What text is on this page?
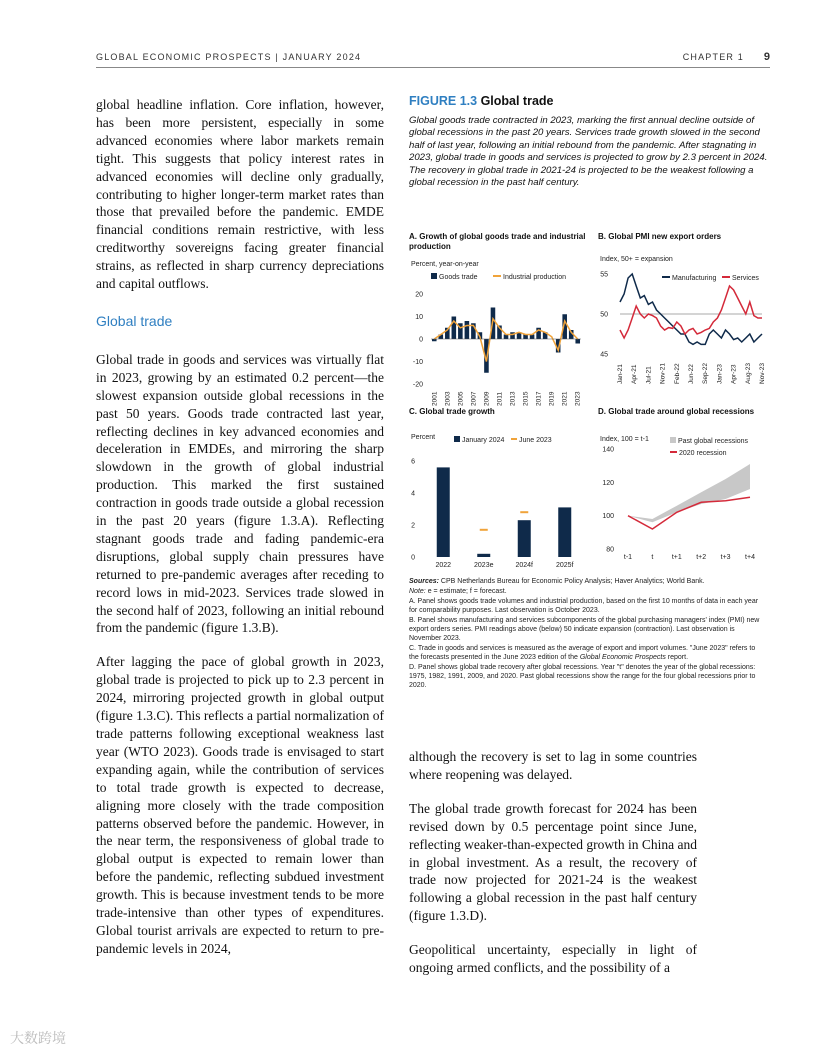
GLOBAL ECONOMIC PROSPECTS | JANUARY 2024	CHAPTER 1 9

global headline inflation. Core inflation, however, has been more persistent, especially in some advanced economies where labor markets remain tight. This suggests that policy interest rates in advanced economies will decline only gradually, contributing to higher longer-term market rates than those that prevailed before the pandemic. EMDE financial conditions remain restrictive, with less creditworthy sovereigns facing greater financial strains, as reflected in sharp currency depreciations and capital outflows.

Global trade

Global trade in goods and services was virtually flat in 2023, growing by an estimated 0.2 percent—the slowest expansion outside global recessions in the past 50 years. Goods trade contracted last year, reflecting declines in key advanced economies and deceleration in EMDEs, and mirroring the sharp slowdown in the growth of global industrial production. This marked the first sustained contraction in goods trade outside a global recession in the past 20 years (figure 1.3.A). Reflecting stagnant goods trade and fading pandemic-era disruptions, global supply chain pressures have returned to pre-pandemic averages after receding to record lows in mid-2023. Services trade slowed in the second half of 2023, following an initial rebound from the pandemic (figure 1.3.B).

After lagging the pace of global growth in 2023, global trade is projected to pick up to 2.3 percent in 2024, mirroring projected growth in global output (figure 1.3.C). This reflects a partial normalization of trade patterns following exceptional weakness last year (WTO 2023). Goods trade is envisaged to start expanding again, while the contribution of services to total trade growth is expected to decrease, aligning more closely with the trade composition patterns observed before the pandemic. However, in the near term, the responsiveness of global trade to global output is expected to remain lower than before the pandemic, reflecting subdued investment growth. This is because investment tends to be more trade-intensive than other types of expenditures. Global tourist arrivals are expected to return to pre-pandemic levels in 2024,

FIGURE 1.3 Global trade
Global goods trade contracted in 2023, marking the first annual decline outside of global recessions in the past 20 years. Services trade growth slowed in the second half of last year, following an initial rebound from the pandemic. After stagnating in 2023, global trade in goods and services is projected to grow by 2.3 percent in 2024. The recovery in global trade in 2021-24 is projected to be the weakest following a global recession in the past half century.
A. Growth of global goods trade and industrial production
Percent, year-on-year
Goods trade	Industrial production
20
10
0
-10
-20
2001 2003 2005 2007 2009 2011 2013 2015 2017 2019 2021 2023
B. Global PMI new export orders
Index, 50+ = expansion
55
50
45
Manufacturing Services
Jan-21 Apr-21 Jul-21 Nov-21 Feb-22 Jun-22 Sep-22 Jan-23 Apr-23 Aug-23 Nov-23
C. Global trade growth
Percent	January 2024 June 2023
6
4
2
0
2022	2023e	2024f	2025f
D. Global trade around global recessions
Index, 100 = t-1
140
120
100
80
Past global recessions
2020 recession
t-1	t	t+1 t+2 t+3 t+4

Sources: CPB Netherlands Bureau for Economic Policy Analysis; Haver Analytics; World Bank.

Note: e = estimate; f = forecast.

A. Panel shows goods trade volumes and industrial production, based on the first 10 months of data in each year for comparability purposes. Last observation is October 2023.

B. Panel shows manufacturing and services subcomponents of the global purchasing managers' index (PMI) new export orders series. PMI readings above (below) 50 indicate expansion (contraction). Last observation is November 2023.

C. Trade in goods and services is measured as the average of export and import volumes. "June 2023" refers to the forecasts presented in the June 2023 edition of the Global Economic Prospects report.

D. Panel shows global trade recovery after global recessions. Year "t" denotes the year of the global recessions: 1975, 1982, 1991, 2009, and 2020. Past global recessions show the range for the four global recessions prior to 2020.

although the recovery is set to lag in some countries where reopening was delayed.

The global trade growth forecast for 2024 has been revised down by 0.5 percentage point since June, reflecting weaker-than-expected growth in China and in global investment. As a result, the recovery of trade now projected for 2021-24 is the weakest following a global recession in the past half century (figure 1.3.D).

Geopolitical uncertainty, especially in light of ongoing armed conflicts, and the possibility of a

大数跨境
